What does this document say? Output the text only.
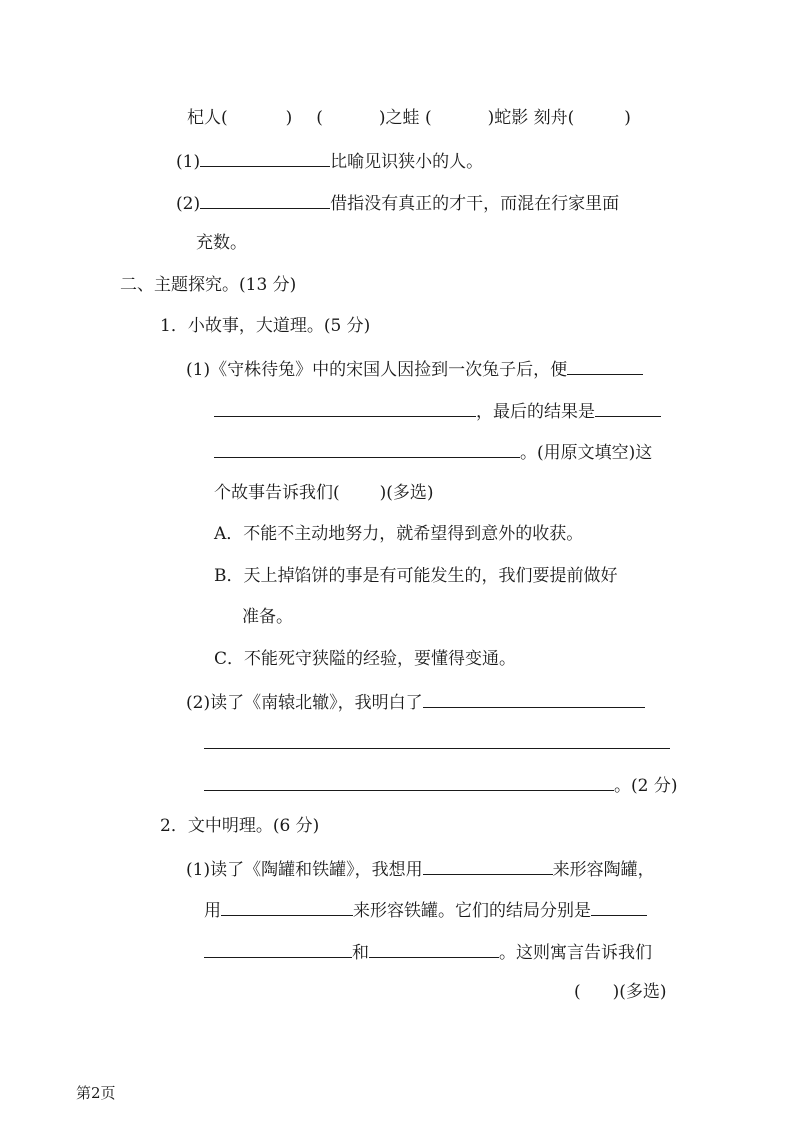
杞人(	) (	)之蛙 (	)蛇影 刻舟(	)
(1)	比喻见识狭小的人。
(2)	借指没有真正的才干，而混在行家里面
充数。
二、主题探究。(13 分)
1．小故事，大道理。(5 分)
(1)《守株待兔》中的宋国人因捡到一次兔子后，便
，最后的结果是
。(用原文填空)这
个故事告诉我们( )(多选)
A．不能不主动地努力，就希望得到意外的收获。
B．天上掉馅饼的事是有可能发生的，我们要提前做好
准备。
C．不能死守狭隘的经验，要懂得变通。
(2)读了《南辕北辙》，我明白了
。(2 分)
2．文中明理。(6 分)
(1)读了《陶罐和铁罐》，我想用	来形容陶罐，
用	来形容铁罐。它们的结局分别是
和	。这则寓言告诉我们
( )(多选)
第2页
